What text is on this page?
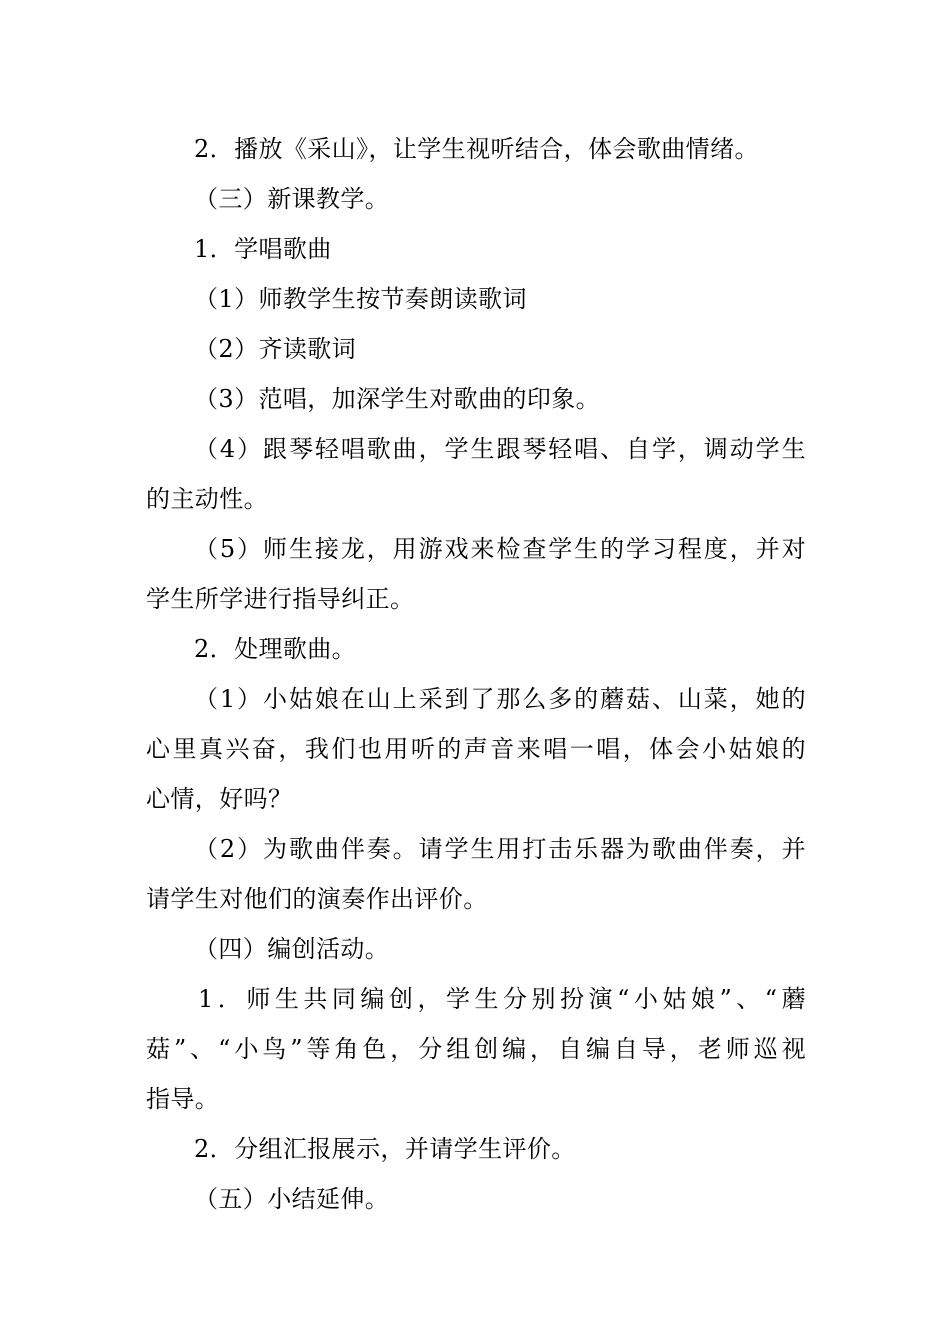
2．播放《采山》，让学生视听结合，体会歌曲情绪。
（三）新课教学。
1．学唱歌曲
（1）师教学生按节奏朗读歌词
（2）齐读歌词
（3）范唱，加深学生对歌曲的印象。
（4）跟琴轻唱歌曲，学生跟琴轻唱、自学，调动学生
的主动性。
（5）师生接龙，用游戏来检查学生的学习程度，并对
学生所学进行指导纠正。
2．处理歌曲。
（1）小姑娘在山上采到了那么多的蘑菇、山菜，她的
心里真兴奋，我们也用听的声音来唱一唱，体会小姑娘的
心情，好吗？
（2）为歌曲伴奏。请学生用打击乐器为歌曲伴奏，并
请学生对他们的演奏作出评价。
（四）编创活动。
1．师生共同编创，学生分别扮演“小姑娘”、“蘑
菇”、“小鸟”等角色，分组创编，自编自导，老师巡视
指导。
2．分组汇报展示，并请学生评价。
（五）小结延伸。
